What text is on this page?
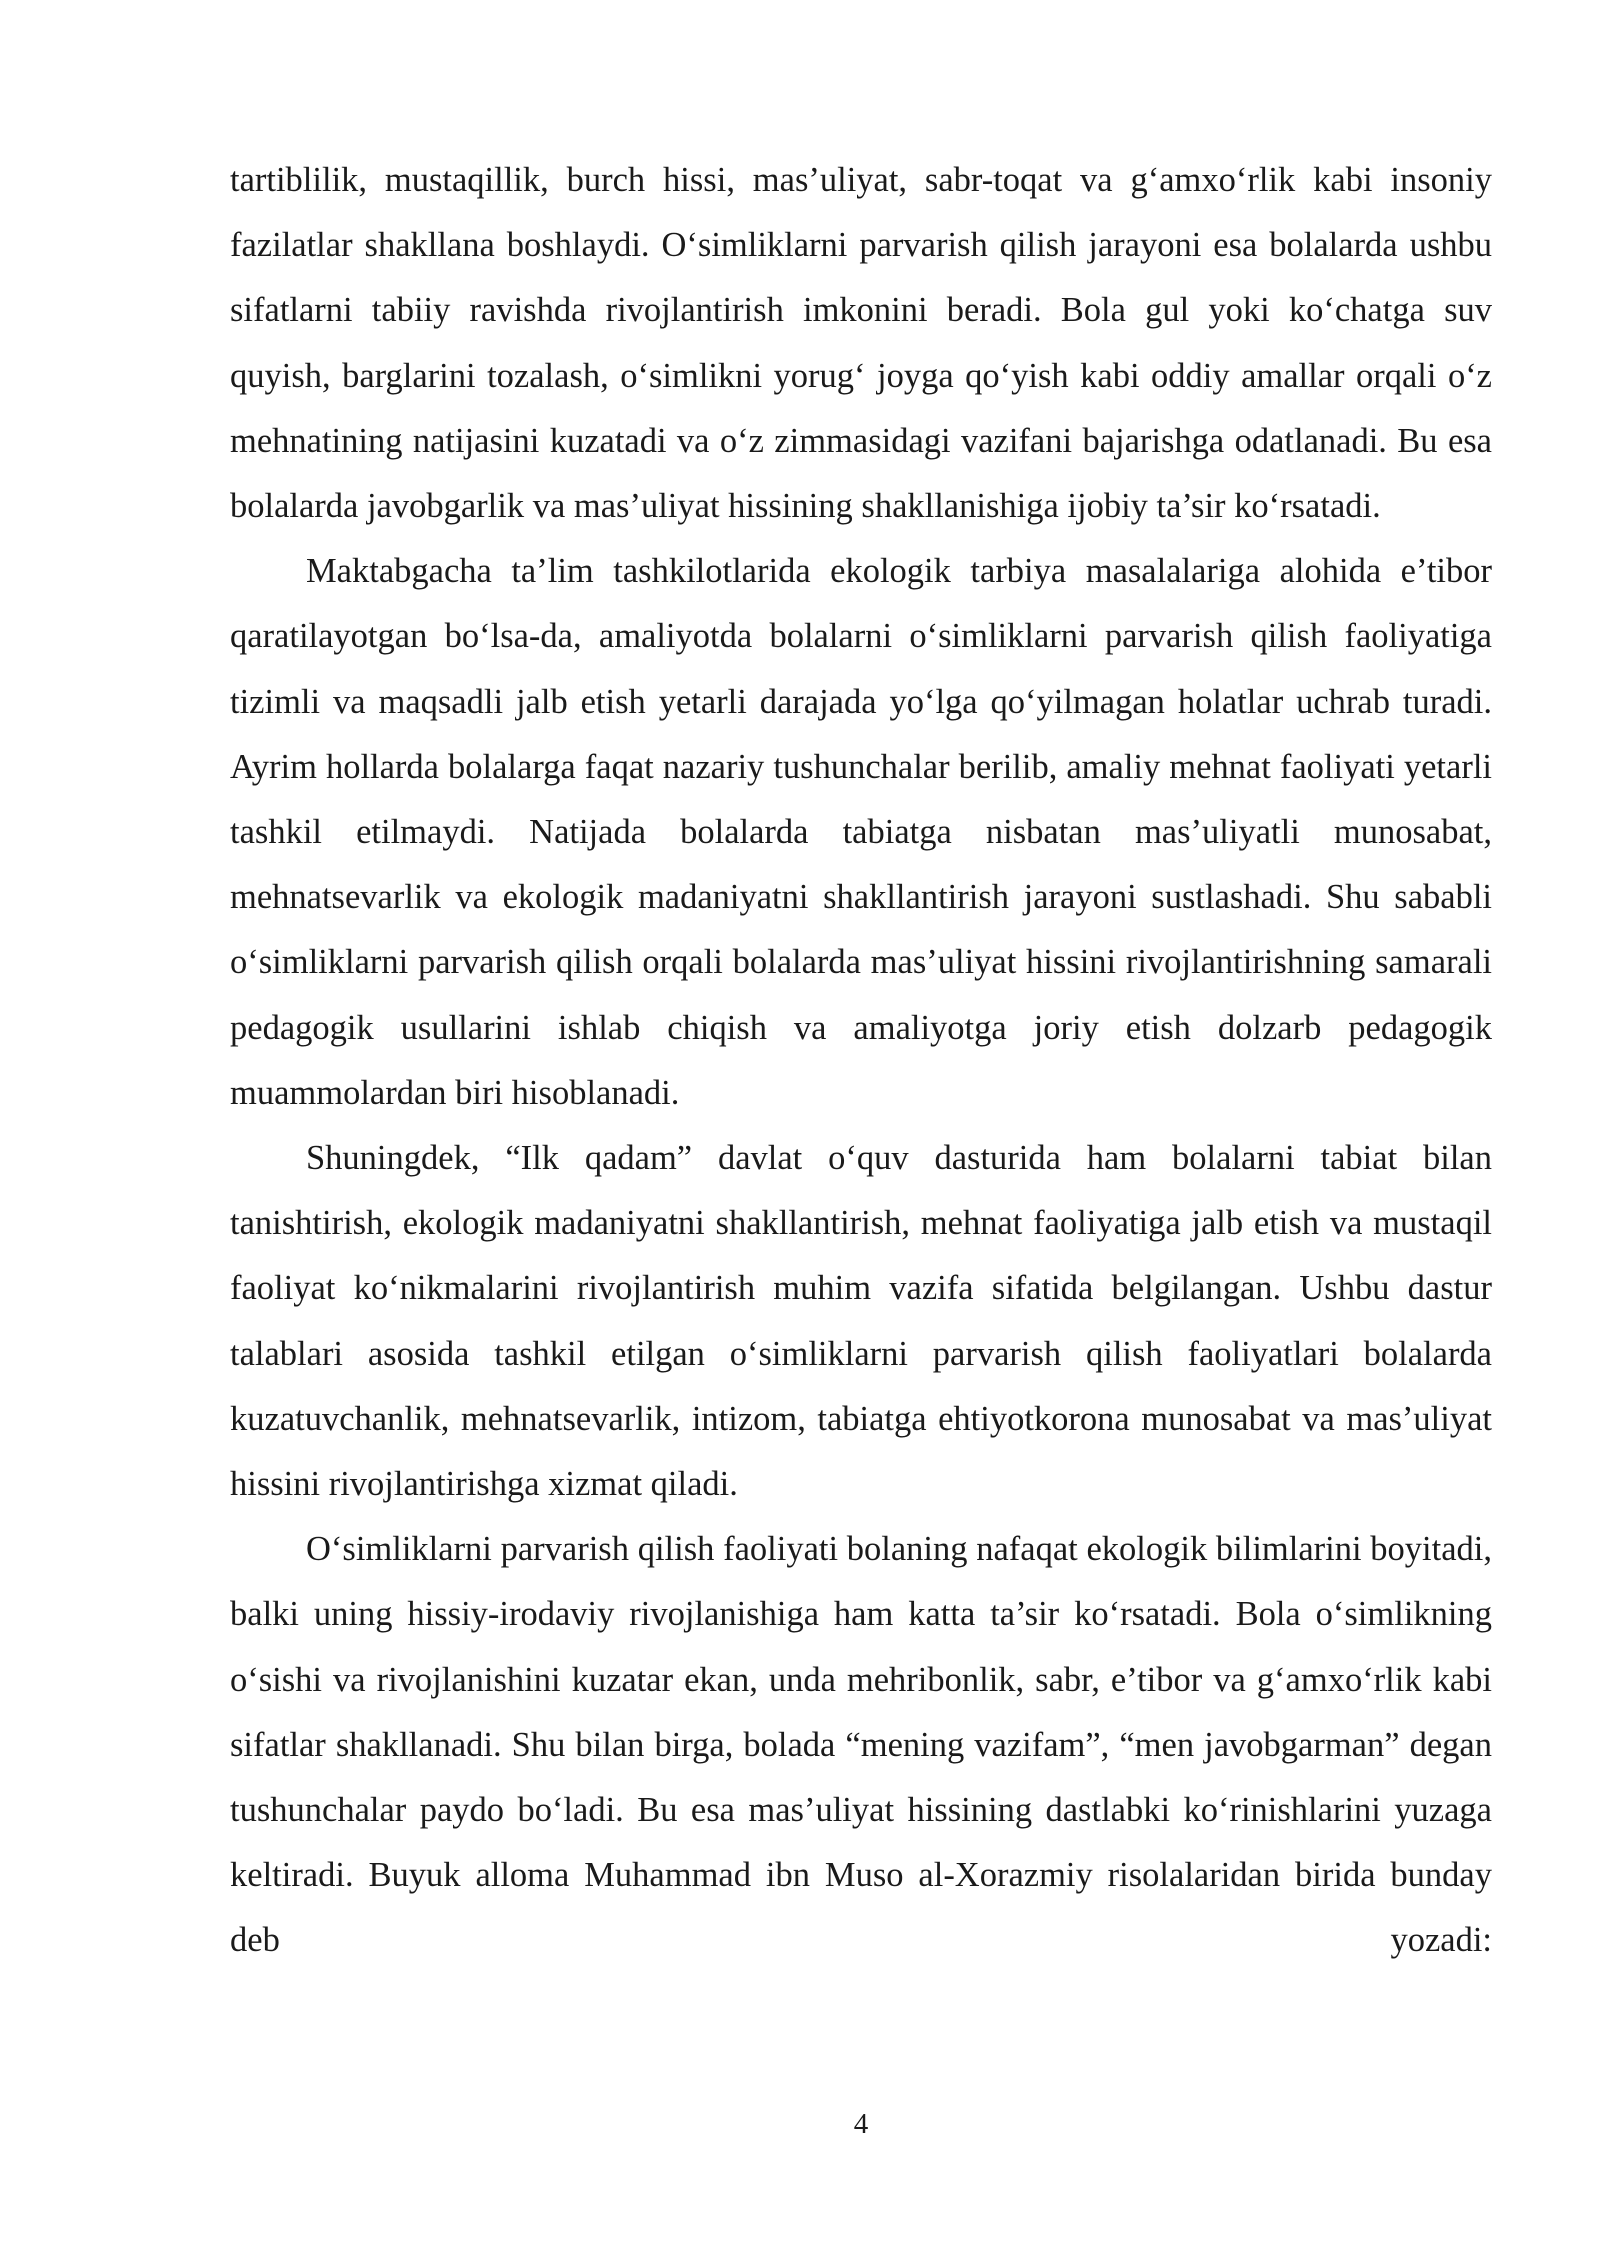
tartiblilik, mustaqillik, burch hissi, mas’uliyat, sabr-toqat va g‘amxo‘rlik kabi insoniy fazilatlar shakllana boshlaydi. O‘simliklarni parvarish qilish jarayoni esa bolalarda ushbu sifatlarni tabiiy ravishda rivojlantirish imkonini beradi. Bola gul yoki ko‘chatga suv quyish, barglarini tozalash, o‘simlikni yorug‘ joyga qo‘yish kabi oddiy amallar orqali o‘z mehnatining natijasini kuzatadi va o‘z zimmasidagi vazifani bajarishga odatlanadi. Bu esa bolalarda javobgarlik va mas’uliyat hissining shakllanishiga ijobiy ta’sir ko‘rsatadi.

Maktabgacha ta’lim tashkilotlarida ekologik tarbiya masalalariga alohida e’tibor qaratilayotgan bo‘lsa-da, amaliyotda bolalarni o‘simliklarni parvarish qilish faoliyatiga tizimli va maqsadli jalb etish yetarli darajada yo‘lga qo‘yilmagan holatlar uchrab turadi. Ayrim hollarda bolalarga faqat nazariy tushunchalar berilib, amaliy mehnat faoliyati yetarli tashkil etilmaydi. Natijada bolalarda tabiatga nisbatan mas’uliyatli munosabat, mehnatsevarlik va ekologik madaniyatni shakllantirish jarayoni sustlashadi. Shu sababli o‘simliklarni parvarish qilish orqali bolalarda mas’uliyat hissini rivojlantirishning samarali pedagogik usullarini ishlab chiqish va amaliyotga joriy etish dolzarb pedagogik muammolardan biri hisoblanadi.

Shuningdek, “Ilk qadam” davlat o‘quv dasturida ham bolalarni tabiat bilan tanishtirish, ekologik madaniyatni shakllantirish, mehnat faoliyatiga jalb etish va mustaqil faoliyat ko‘nikmalarini rivojlantirish muhim vazifa sifatida belgilangan. Ushbu dastur talablari asosida tashkil etilgan o‘simliklarni parvarish qilish faoliyatlari bolalarda kuzatuvchanlik, mehnatsevarlik, intizom, tabiatga ehtiyotkorona munosabat va mas’uliyat hissini rivojlantirishga xizmat qiladi.

O‘simliklarni parvarish qilish faoliyati bolaning nafaqat ekologik bilimlarini boyitadi, balki uning hissiy-irodaviy rivojlanishiga ham katta ta’sir ko‘rsatadi. Bola o‘simlikning o‘sishi va rivojlanishini kuzatar ekan, unda mehribonlik, sabr, e’tibor va g‘amxo‘rlik kabi sifatlar shakllanadi. Shu bilan birga, bolada “mening vazifam”, “men javobgarman” degan tushunchalar paydo bo‘ladi. Bu esa mas’uliyat hissining dastlabki ko‘rinishlarini yuzaga keltiradi. Buyuk alloma Muhammad ibn Muso al-Xorazmiy risolalaridan birida bunday deb yozadi:

4
